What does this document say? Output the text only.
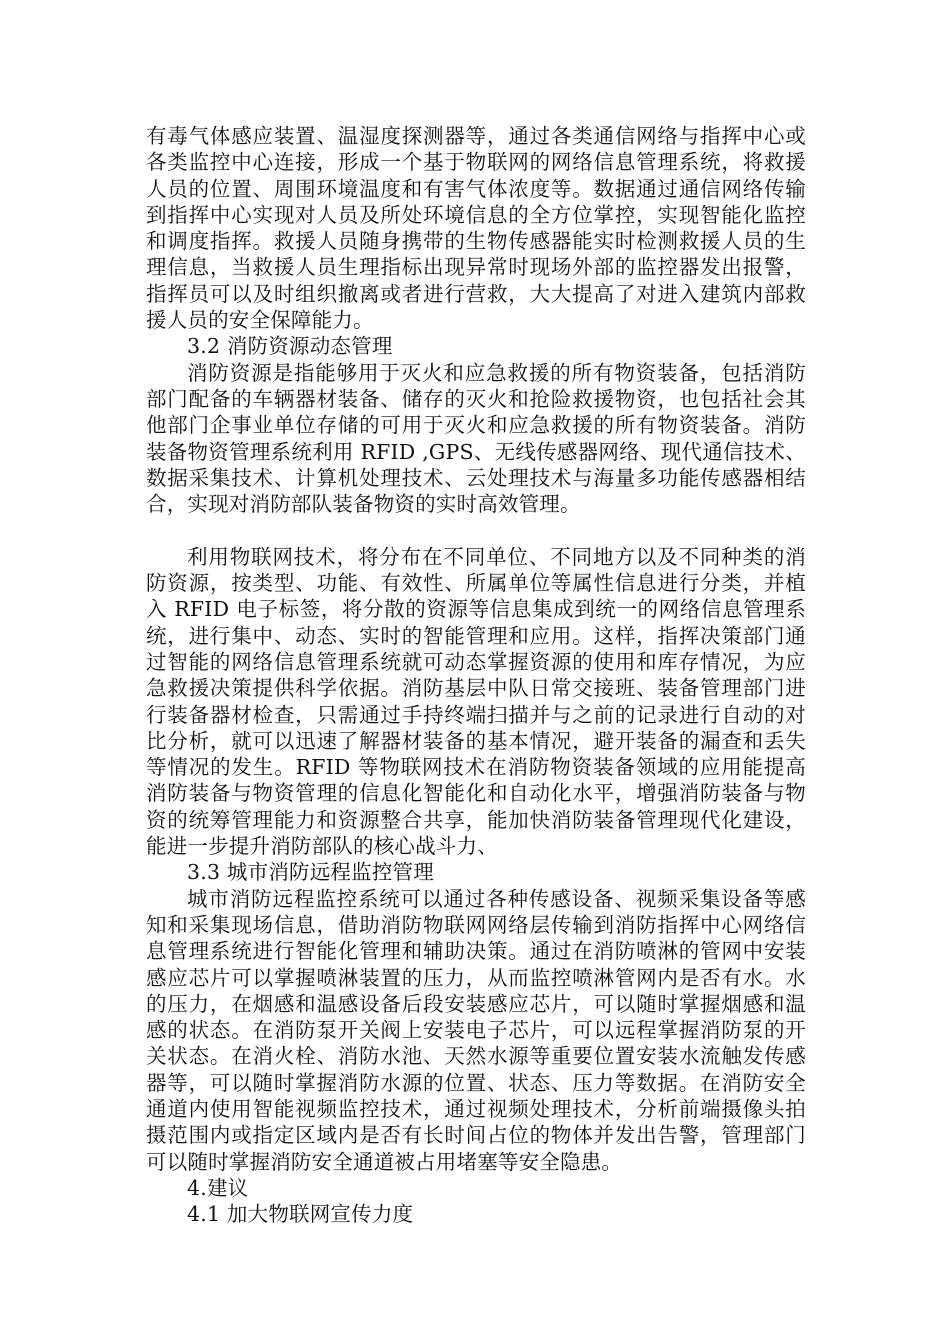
有毒气体感应装置、温湿度探测器等，通过各类通信网络与指挥中心或各类监控中心连接，形成一个基于物联网的网络信息管理系统，将救援人员的位置、周围环境温度和有害气体浓度等。数据通过通信网络传输到指挥中心实现对人员及所处环境信息的全方位掌控，实现智能化监控和调度指挥。救援人员随身携带的生物传感器能实时检测救援人员的生理信息，当救援人员生理指标出现异常时现场外部的监控器发出报警，指挥员可以及时组织撤离或者进行营救，大大提高了对进入建筑内部救援人员的安全保障能力。

3.2 消防资源动态管理

消防资源是指能够用于灭火和应急救援的所有物资装备，包括消防部门配备的车辆器材装备、储存的灭火和抢险救援物资，也包括社会其他部门企事业单位存储的可用于灭火和应急救援的所有物资装备。消防装备物资管理系统利用 RFID ,GPS、无线传感器网络、现代通信技术、数据采集技术、计算机处理技术、云处理技术与海量多功能传感器相结合，实现对消防部队装备物资的实时高效管理。

利用物联网技术，将分布在不同单位、不同地方以及不同种类的消防资源，按类型、功能、有效性、所属单位等属性信息进行分类，并植入 RFID 电子标签，将分散的资源等信息集成到统一的网络信息管理系统，进行集中、动态、实时的智能管理和应用。这样，指挥决策部门通过智能的网络信息管理系统就可动态掌握资源的使用和库存情况，为应急救援决策提供科学依据。消防基层中队日常交接班、装备管理部门进行装备器材检查，只需通过手持终端扫描并与之前的记录进行自动的对比分析，就可以迅速了解器材装备的基本情况，避开装备的漏查和丢失等情况的发生。RFID 等物联网技术在消防物资装备领域的应用能提高消防装备与物资管理的信息化智能化和自动化水平，增强消防装备与物资的统筹管理能力和资源整合共享，能加快消防装备管理现代化建设，能进一步提升消防部队的核心战斗力、

3.3 城市消防远程监控管理

城市消防远程监控系统可以通过各种传感设备、视频采集设备等感知和采集现场信息，借助消防物联网网络层传输到消防指挥中心网络信息管理系统进行智能化管理和辅助决策。通过在消防喷淋的管网中安装感应芯片可以掌握喷淋装置的压力，从而监控喷淋管网内是否有水。水的压力，在烟感和温感设备后段安装感应芯片，可以随时掌握烟感和温感的状态。在消防泵开关阀上安装电子芯片，可以远程掌握消防泵的开关状态。在消火栓、消防水池、天然水源等重要位置安装水流触发传感器等，可以随时掌握消防水源的位置、状态、压力等数据。在消防安全通道内使用智能视频监控技术，通过视频处理技术，分析前端摄像头拍摄范围内或指定区域内是否有长时间占位的物体并发出告警，管理部门可以随时掌握消防安全通道被占用堵塞等安全隐患。

4.建议
4.1 加大物联网宣传力度
